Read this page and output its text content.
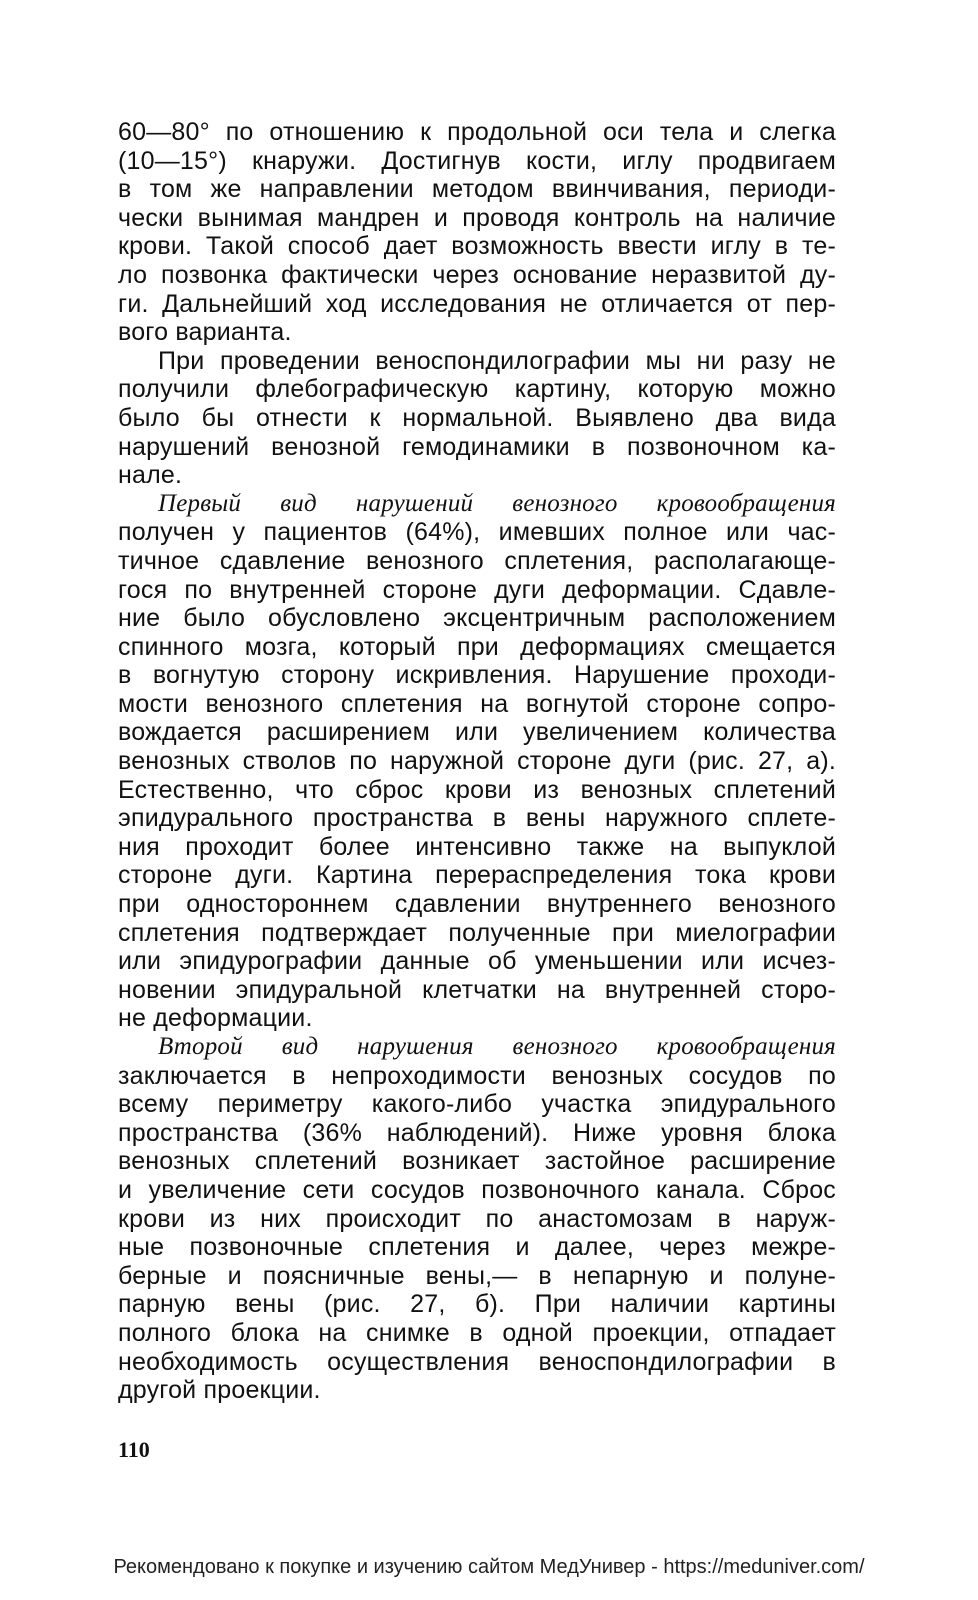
60—80° по отношению к продольной оси тела и слегка
(10—15°) кнаружи. Достигнув кости, иглу продвигаем
в том же направлении методом ввинчивания, периоди-
чески вынимая мандрен и проводя контроль на наличие
крови. Такой способ дает возможность ввести иглу в те-
ло позвонка фактически через основание неразвитой ду-
ги. Дальнейший ход исследования не отличается от пер-
вого варианта.
При проведении веноспондилографии мы ни разу не
получили флебографическую картину, которую можно
было бы отнести к нормальной. Выявлено два вида
нарушений венозной гемодинамики в позвоночном ка-
нале.
Первый вид нарушений венозного кровообращения
получен у пациентов (64%), имевших полное или час-
тичное сдавление венозного сплетения, располагающе-
гося по внутренней стороне дуги деформации. Сдавле-
ние было обусловлено эксцентричным расположением
спинного мозга, который при деформациях смещается
в вогнутую сторону искривления. Нарушение проходи-
мости венозного сплетения на вогнутой стороне сопро-
вождается расширением или увеличением количества
венозных стволов по наружной стороне дуги (рис. 27, а).
Естественно, что сброс крови из венозных сплетений
эпидурального пространства в вены наружного сплете-
ния проходит более интенсивно также на выпуклой
стороне дуги. Картина перераспределения тока крови
при одностороннем сдавлении внутреннего венозного
сплетения подтверждает полученные при миелографии
или эпидурографии данные об уменьшении или исчез-
новении эпидуральной клетчатки на внутренней сторо-
не деформации.
Второй вид нарушения венозного кровообращения
заключается в непроходимости венозных сосудов по
всему периметру какого-либо участка эпидурального
пространства (36% наблюдений). Ниже уровня блока
венозных сплетений возникает застойное расширение
и увеличение сети сосудов позвоночного канала. Сброс
крови из них происходит по анастомозам в наруж-
ные позвоночные сплетения и далее, через межре-
берные и поясничные вены,— в непарную и полуне-
парную вены (рис. 27, б). При наличии картины
полного блока на снимке в одной проекции, отпадает
необходимость осуществления веноспондилографии в
другой проекции.
110
Рекомендовано к покупке и изучению сайтом МедУнивер - https://meduniver.com/
